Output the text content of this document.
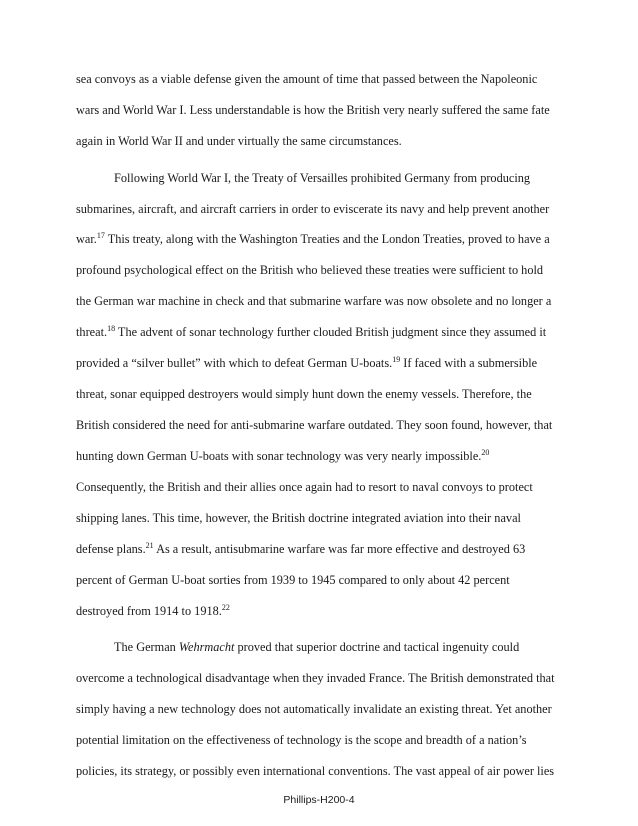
sea convoys as a viable defense given the amount of time that passed between the Napoleonic
wars and World War I. Less understandable is how the British very nearly suffered the same fate
again in World War II and under virtually the same circumstances.
Following World War I, the Treaty of Versailles prohibited Germany from producing
submarines, aircraft, and aircraft carriers in order to eviscerate its navy and help prevent another
war.$^{17}$ This treaty, along with the Washington Treaties and the London Treaties, proved to have a
profound psychological effect on the British who believed these treaties were sufficient to hold
the German war machine in check and that submarine warfare was now obsolete and no longer a
threat.$^{18}$ The advent of sonar technology further clouded British judgment since they assumed it
provided a “silver bullet” with which to defeat German U-boats.$^{19}$ If faced with a submersible
threat, sonar equipped destroyers would simply hunt down the enemy vessels. Therefore, the
British considered the need for anti-submarine warfare outdated. They soon found, however, that
hunting down German U-boats with sonar technology was very nearly impossible.$^{20}$
Consequently, the British and their allies once again had to resort to naval convoys to protect
shipping lanes. This time, however, the British doctrine integrated aviation into their naval
defense plans.$^{21}$ As a result, antisubmarine warfare was far more effective and destroyed 63
percent of German U-boat sorties from 1939 to 1945 compared to only about 42 percent
destroyed from 1914 to 1918.22
The German Wehrmacht proved that superior doctrine and tactical ingenuity could
overcome a technological disadvantage when they invaded France. The British demonstrated that
simply having a new technology does not automatically invalidate an existing threat. Yet another
potential limitation on the effectiveness of technology is the scope and breadth of a nation’s
policies, its strategy, or possibly even international conventions. The vast appeal of air power lies
Phillips-H200-4
